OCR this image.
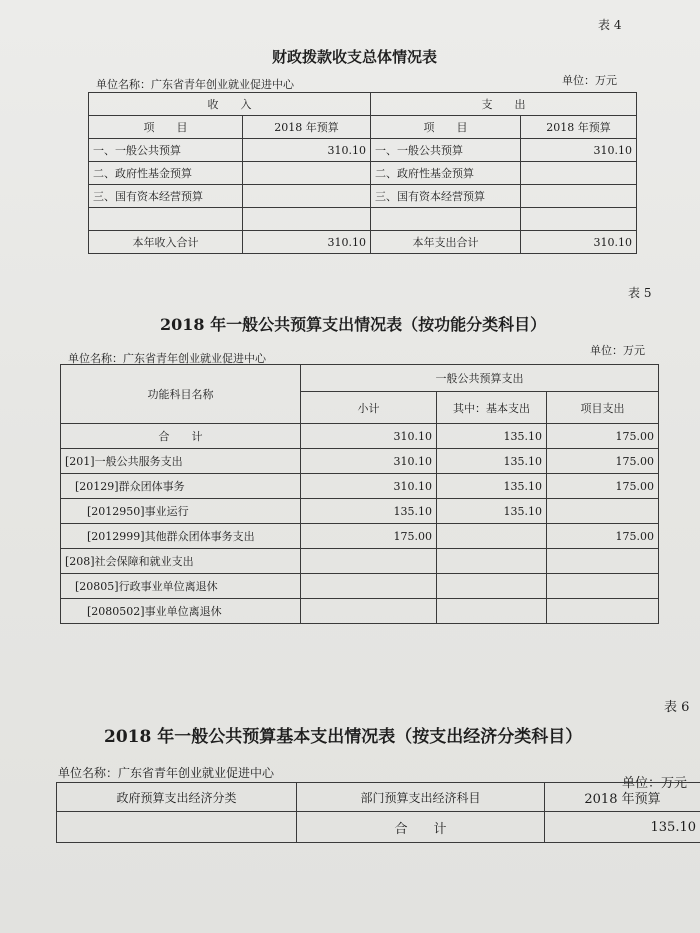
表 4
财政拨款收支总体情况表
单位名称：广东省青年创业就业促进中心	单位：万元
收　　入		支　　出	
项　　目	2018 年预算	项　　目	2018 年预算
一、一般公共预算	310.10	一、一般公共预算	310.10
二、政府性基金预算		二、政府性基金预算	
三、国有资本经营预算		三、国有资本经营预算	

本年收入合计	310.10	本年支出合计	310.10
表 5
2018 年一般公共预算支出情况表（按功能分类科目）
单位名称：广东省青年创业就业促进中心
单位：万元
功能科目名称	一般公共预算支出		
	小计	其中：基本支出	项目支出
合　　计	310.10	135.10	175.00
[201]一般公共服务支出	310.10	135.10	175.00
[20129]群众团体事务	310.10	135.10	175.00
[2012950]事业运行	135.10	135.10	
[2012999]其他群众团体事务支出	175.00		175.00
[208]社会保障和就业支出			
[20805]行政事业单位离退休			
[2080502]事业单位离退休			
表 6
2018 年一般公共预算基本支出情况表（按支出经济分类科目）
单位名称：广东省青年创业就业促进中心
单位：万元
政府预算支出经济分类	部门预算支出经济科目	2018 年预算
	合　　计	135.10
